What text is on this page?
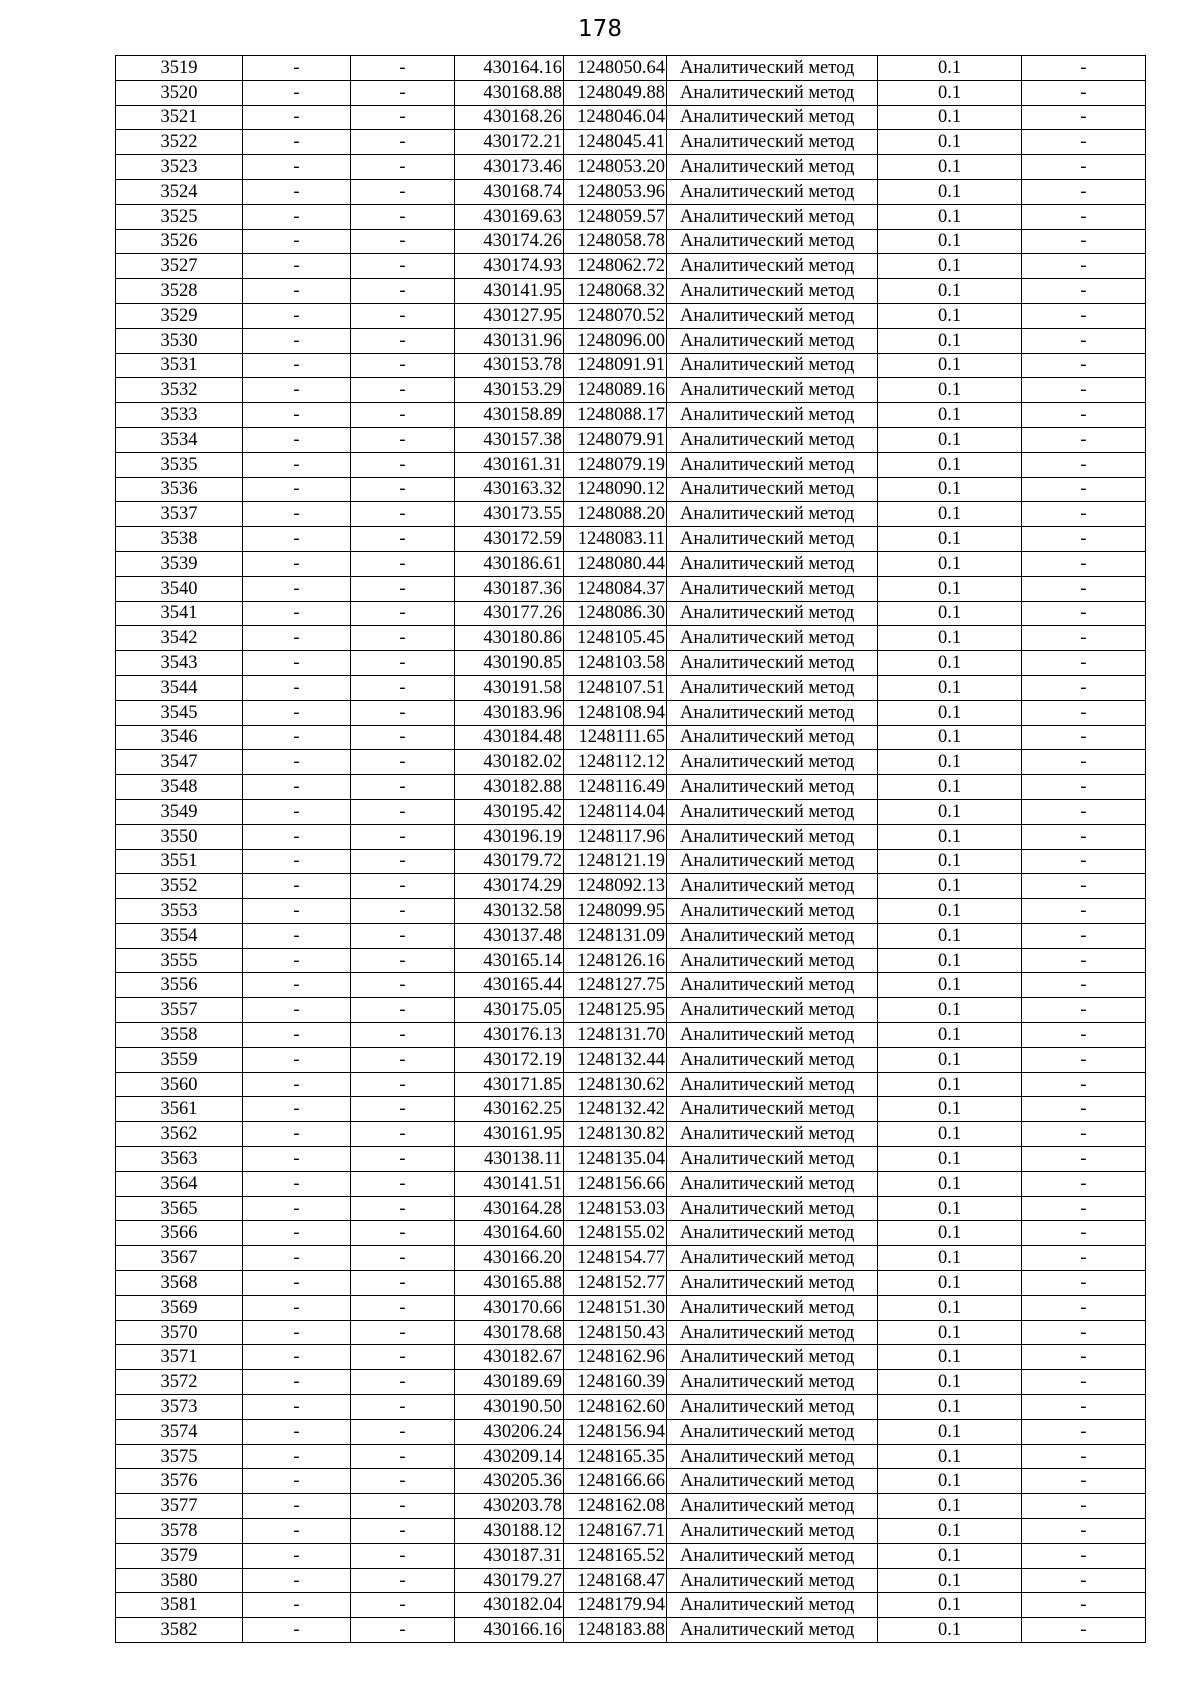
178
3519	-	-	430164.16	1248050.64	Аналитический метод	0.1	-
3520	-	-	430168.88	1248049.88	Аналитический метод	0.1	-
3521	-	-	430168.26	1248046.04	Аналитический метод	0.1	-
3522	-	-	430172.21	1248045.41	Аналитический метод	0.1	-
3523	-	-	430173.46	1248053.20	Аналитический метод	0.1	-
3524	-	-	430168.74	1248053.96	Аналитический метод	0.1	-
3525	-	-	430169.63	1248059.57	Аналитический метод	0.1	-
3526	-	-	430174.26	1248058.78	Аналитический метод	0.1	-
3527	-	-	430174.93	1248062.72	Аналитический метод	0.1	-
3528	-	-	430141.95	1248068.32	Аналитический метод	0.1	-
3529	-	-	430127.95	1248070.52	Аналитический метод	0.1	-
3530	-	-	430131.96	1248096.00	Аналитический метод	0.1	-
3531	-	-	430153.78	1248091.91	Аналитический метод	0.1	-
3532	-	-	430153.29	1248089.16	Аналитический метод	0.1	-
3533	-	-	430158.89	1248088.17	Аналитический метод	0.1	-
3534	-	-	430157.38	1248079.91	Аналитический метод	0.1	-
3535	-	-	430161.31	1248079.19	Аналитический метод	0.1	-
3536	-	-	430163.32	1248090.12	Аналитический метод	0.1	-
3537	-	-	430173.55	1248088.20	Аналитический метод	0.1	-
3538	-	-	430172.59	1248083.11	Аналитический метод	0.1	-
3539	-	-	430186.61	1248080.44	Аналитический метод	0.1	-
3540	-	-	430187.36	1248084.37	Аналитический метод	0.1	-
3541	-	-	430177.26	1248086.30	Аналитический метод	0.1	-
3542	-	-	430180.86	1248105.45	Аналитический метод	0.1	-
3543	-	-	430190.85	1248103.58	Аналитический метод	0.1	-
3544	-	-	430191.58	1248107.51	Аналитический метод	0.1	-
3545	-	-	430183.96	1248108.94	Аналитический метод	0.1	-
3546	-	-	430184.48	1248111.65	Аналитический метод	0.1	-
3547	-	-	430182.02	1248112.12	Аналитический метод	0.1	-
3548	-	-	430182.88	1248116.49	Аналитический метод	0.1	-
3549	-	-	430195.42	1248114.04	Аналитический метод	0.1	-
3550	-	-	430196.19	1248117.96	Аналитический метод	0.1	-
3551	-	-	430179.72	1248121.19	Аналитический метод	0.1	-
3552	-	-	430174.29	1248092.13	Аналитический метод	0.1	-
3553	-	-	430132.58	1248099.95	Аналитический метод	0.1	-
3554	-	-	430137.48	1248131.09	Аналитический метод	0.1	-
3555	-	-	430165.14	1248126.16	Аналитический метод	0.1	-
3556	-	-	430165.44	1248127.75	Аналитический метод	0.1	-
3557	-	-	430175.05	1248125.95	Аналитический метод	0.1	-
3558	-	-	430176.13	1248131.70	Аналитический метод	0.1	-
3559	-	-	430172.19	1248132.44	Аналитический метод	0.1	-
3560	-	-	430171.85	1248130.62	Аналитический метод	0.1	-
3561	-	-	430162.25	1248132.42	Аналитический метод	0.1	-
3562	-	-	430161.95	1248130.82	Аналитический метод	0.1	-
3563	-	-	430138.11	1248135.04	Аналитический метод	0.1	-
3564	-	-	430141.51	1248156.66	Аналитический метод	0.1	-
3565	-	-	430164.28	1248153.03	Аналитический метод	0.1	-
3566	-	-	430164.60	1248155.02	Аналитический метод	0.1	-
3567	-	-	430166.20	1248154.77	Аналитический метод	0.1	-
3568	-	-	430165.88	1248152.77	Аналитический метод	0.1	-
3569	-	-	430170.66	1248151.30	Аналитический метод	0.1	-
3570	-	-	430178.68	1248150.43	Аналитический метод	0.1	-
3571	-	-	430182.67	1248162.96	Аналитический метод	0.1	-
3572	-	-	430189.69	1248160.39	Аналитический метод	0.1	-
3573	-	-	430190.50	1248162.60	Аналитический метод	0.1	-
3574	-	-	430206.24	1248156.94	Аналитический метод	0.1	-
3575	-	-	430209.14	1248165.35	Аналитический метод	0.1	-
3576	-	-	430205.36	1248166.66	Аналитический метод	0.1	-
3577	-	-	430203.78	1248162.08	Аналитический метод	0.1	-
3578	-	-	430188.12	1248167.71	Аналитический метод	0.1	-
3579	-	-	430187.31	1248165.52	Аналитический метод	0.1	-
3580	-	-	430179.27	1248168.47	Аналитический метод	0.1	-
3581	-	-	430182.04	1248179.94	Аналитический метод	0.1	-
3582	-	-	430166.16	1248183.88	Аналитический метод	0.1	-
